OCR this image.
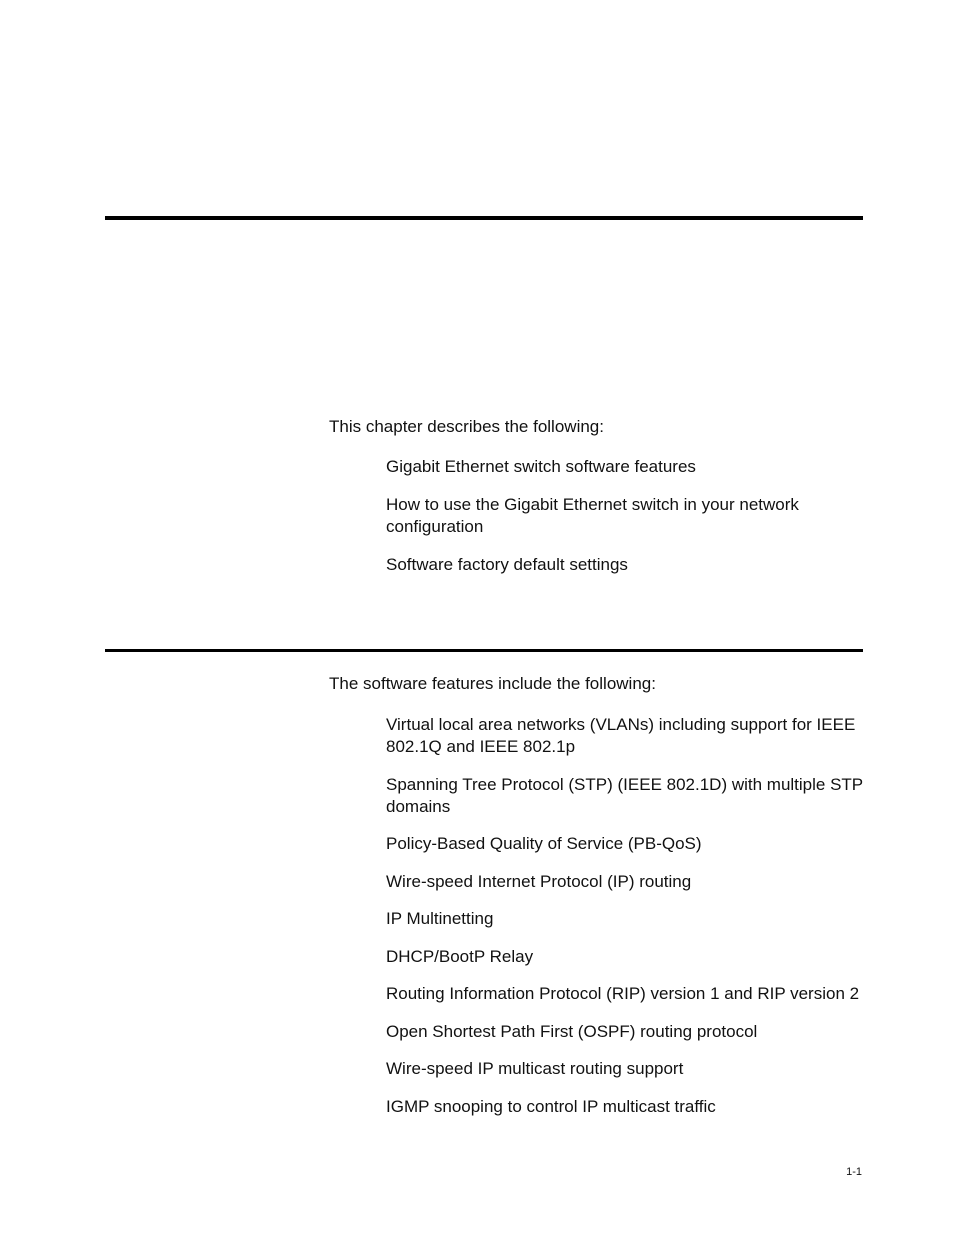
This chapter describes the following:

Gigabit Ethernet switch software features
How to use the Gigabit Ethernet switch in your network configuration
Software factory default settings

The software features include the following:

Virtual local area networks (VLANs) including support for IEEE 802.1Q and IEEE 802.1p
Spanning Tree Protocol (STP) (IEEE 802.1D) with multiple STP domains
Policy-Based Quality of Service (PB-QoS)
Wire-speed Internet Protocol (IP) routing
IP Multinetting
DHCP/BootP Relay
Routing Information Protocol (RIP) version 1 and RIP version 2
Open Shortest Path First (OSPF) routing protocol
Wire-speed IP multicast routing support
IGMP snooping to control IP multicast traffic
1-1
